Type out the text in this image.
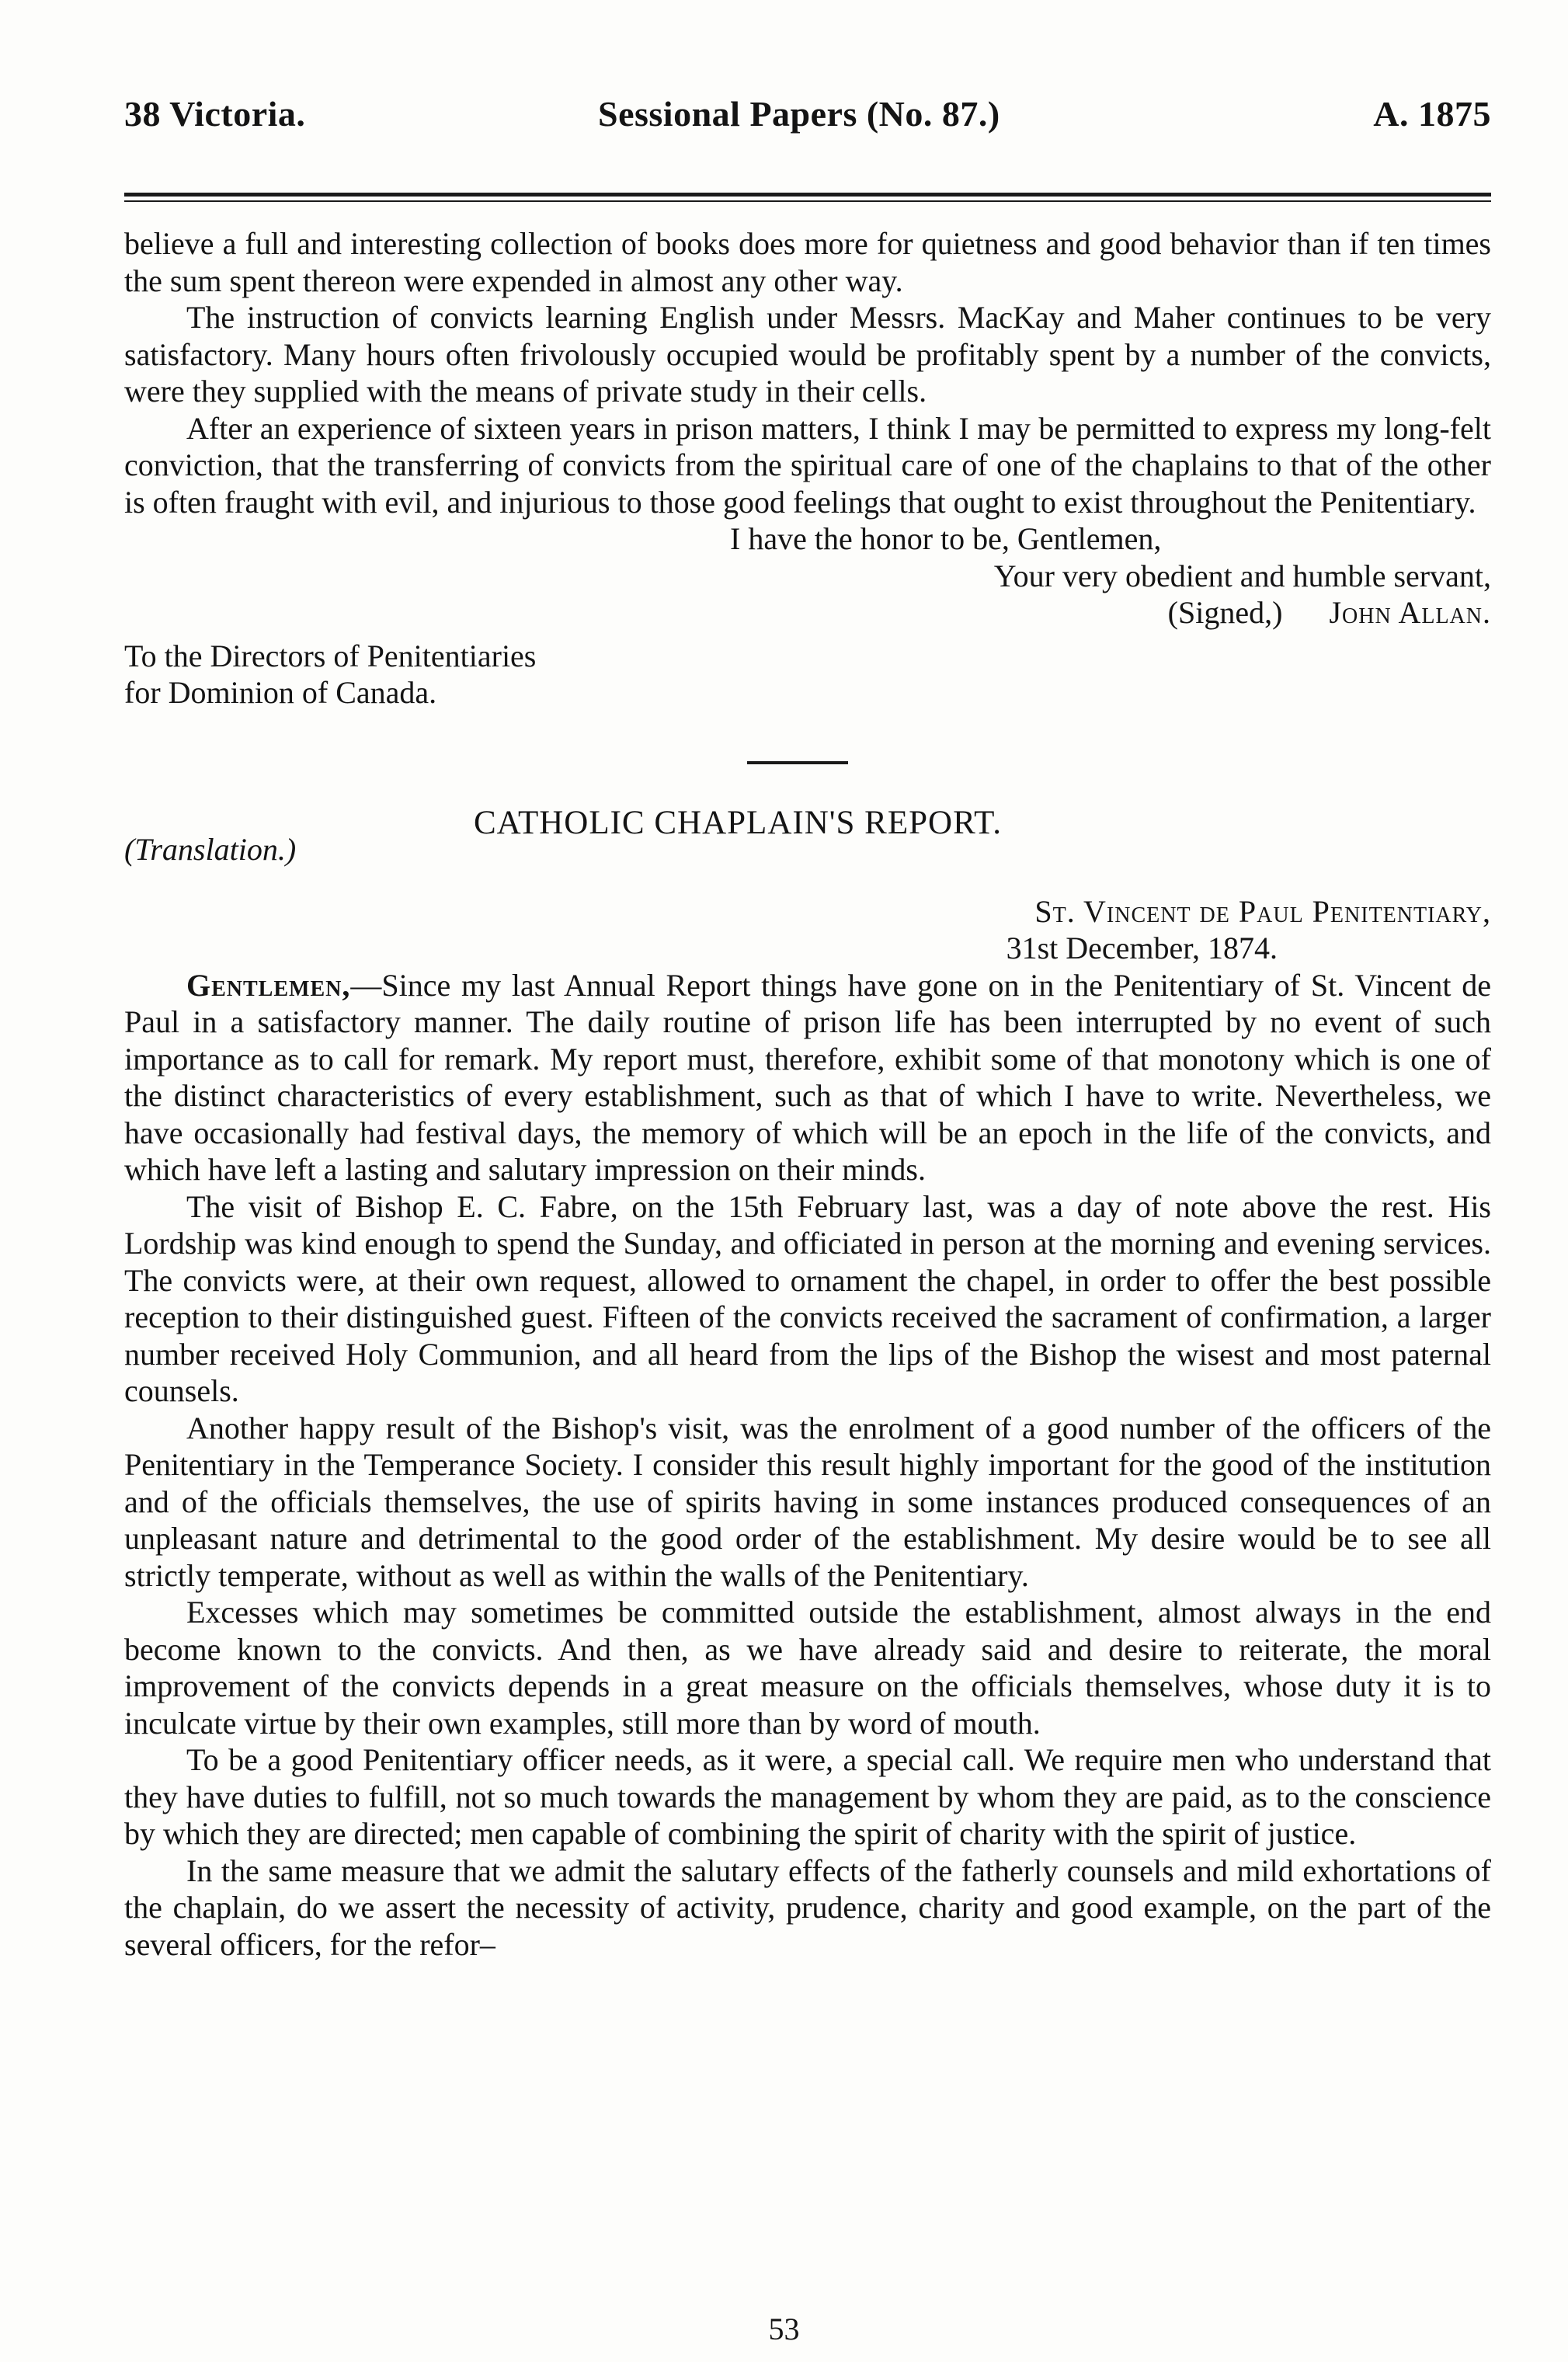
38 Victoria.	Sessional Papers (No. 87.)	A. 1875

believe a full and interesting collection of books does more for quietness and good behavior than if ten times the sum spent thereon were expended in almost any other way.

The instruction of convicts learning English under Messrs. MacKay and Maher continues to be very satisfactory. Many hours often frivolously occupied would be profitably spent by a number of the convicts, were they supplied with the means of private study in their cells.

After an experience of sixteen years in prison matters, I think I may be permitted to express my long-felt conviction, that the transferring of convicts from the spiritual care of one of the chaplains to that of the other is often fraught with evil, and injurious to those good feelings that ought to exist throughout the Penitentiary.

I have the honor to be, Gentlemen,
Your very obedient and humble servant,
(Signed,) John Allan.
To the Directors of Penitentiaries
for Dominion of Canada.
(Translation.)
CATHOLIC CHAPLAIN'S REPORT.
St. Vincent de Paul Penitentiary,
31st December, 1874.

Gentlemen,—Since my last Annual Report things have gone on in the Penitentiary of St. Vincent de Paul in a satisfactory manner. The daily routine of prison life has been interrupted by no event of such importance as to call for remark. My report must, therefore, exhibit some of that monotony which is one of the distinct characteristics of every establishment, such as that of which I have to write. Nevertheless, we have occasionally had festival days, the memory of which will be an epoch in the life of the convicts, and which have left a lasting and salutary impression on their minds.

The visit of Bishop E. C. Fabre, on the 15th February last, was a day of note above the rest. His Lordship was kind enough to spend the Sunday, and officiated in person at the morning and evening services. The convicts were, at their own request, allowed to ornament the chapel, in order to offer the best possible reception to their distinguished guest. Fifteen of the convicts received the sacrament of confirmation, a larger number received Holy Communion, and all heard from the lips of the Bishop the wisest and most paternal counsels.

Another happy result of the Bishop's visit, was the enrolment of a good number of the officers of the Penitentiary in the Temperance Society. I consider this result highly important for the good of the institution and of the officials themselves, the use of spirits having in some instances produced consequences of an unpleasant nature and detrimental to the good order of the establishment. My desire would be to see all strictly temperate, without as well as within the walls of the Penitentiary.

Excesses which may sometimes be committed outside the establishment, almost always in the end become known to the convicts. And then, as we have already said and desire to reiterate, the moral improvement of the convicts depends in a great measure on the officials themselves, whose duty it is to inculcate virtue by their own examples, still more than by word of mouth.

To be a good Penitentiary officer needs, as it were, a special call. We require men who understand that they have duties to fulfill, not so much towards the management by whom they are paid, as to the conscience by which they are directed; men capable of combining the spirit of charity with the spirit of justice.

In the same measure that we admit the salutary effects of the fatherly counsels and mild exhortations of the chaplain, do we assert the necessity of activity, prudence, charity and good example, on the part of the several officers, for the refor–

53
